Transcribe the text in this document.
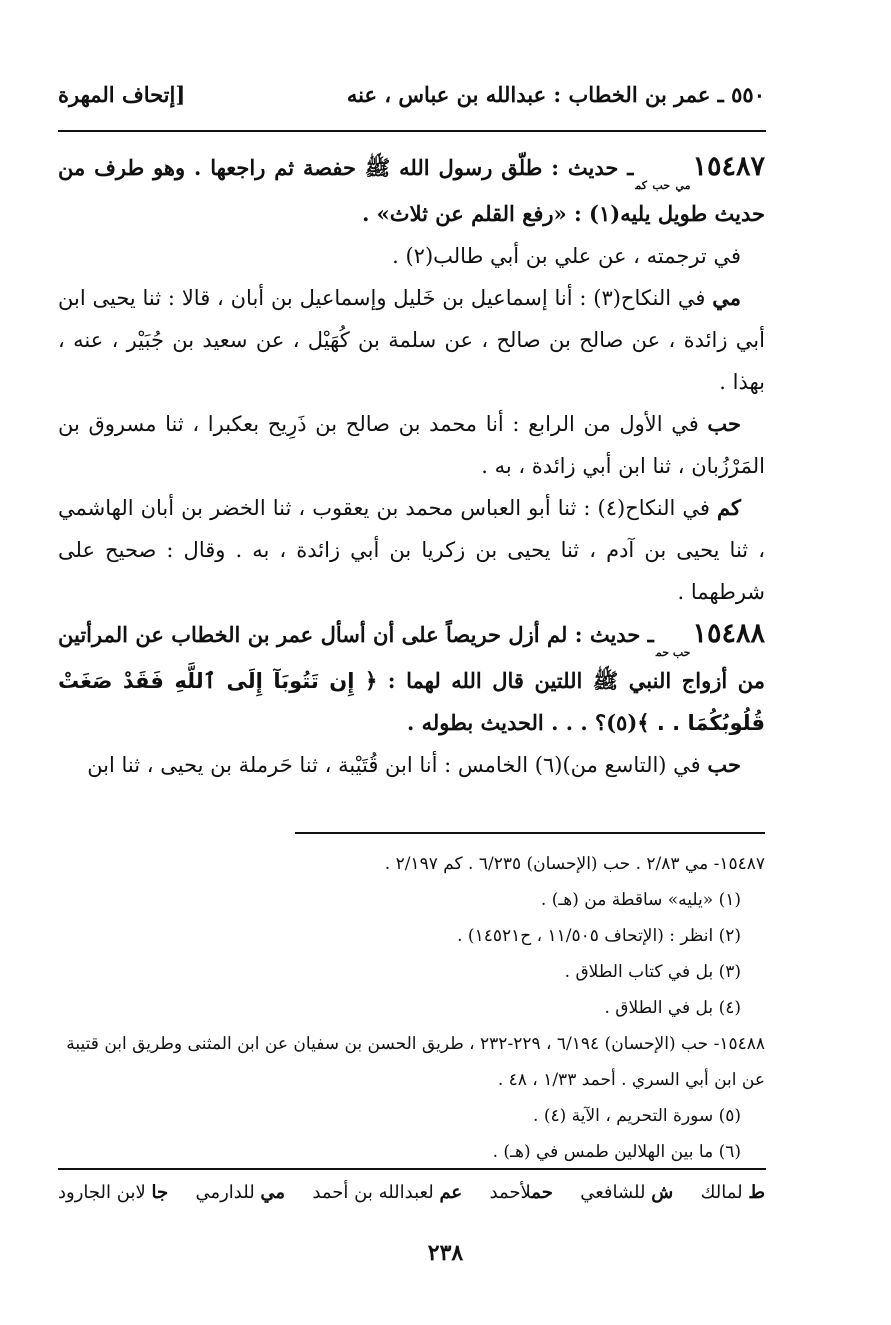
٥٥٠ ـ عمر بن الخطاب : عبدالله بن عباس ، عنه
[إتحاف المهرة

$١٥٤٨٧_{مي حب كم}ـ$ حديث : طلّق رسول الله ﷺ حفصة ثم راجعها . وهو طرف من حديث طويل يليه(١) : «رفع القلم عن ثلاث» .

في ترجمته ، عن علي بن أبي طالب(٢) .

مي في النكاح(٣) : أنا إسماعيل بن خَليل وإسماعيل بن أبان ، قالا : ثنا يحيى ابن أبي زائدة ، عن صالح بن صالح ، عن سلمة بن كُهَيْل ، عن سعيد بن جُبَيْر ، عنه ، بهذا .

حب في الأول من الرابع : أنا محمد بن صالح بن ذَرِيح بعكبرا ، ثنا مسروق بن المَرْزُبان ، ثنا ابن أبي زائدة ، به .

كم في النكاح(٤) : ثنا أبو العباس محمد بن يعقوب ، ثنا الخضر بن أبان الهاشمي ، ثنا يحيى بن آدم ، ثنا يحيى بن زكريا بن أبي زائدة ، به . وقال : صحيح على شرطهما .

$١٥٤٨٨_{حب حم}ـ$ حديث : لم أزل حريصاً على أن أسأل عمر بن الخطاب عن المرأتين من أزواج النبي ﷺ اللتين قال الله لهما : ﴿ إِن تَتُوبَآ إِلَى ٱللَّهِ فَقَدْ صَغَتْ قُلُوبُكُمَا . . ﴾(٥)؟ . . . الحديث بطوله .

حب في (التاسع من)(٦) الخامس : أنا ابن قُتَيْبة ، ثنا حَرملة بن يحيى ، ثنا ابن

١٥٤٨٧- مي ٢/٨٣ . حب (الإحسان) ٦/٢٣٥ . كم ٢/١٩٧ .

(١) «يليه» ساقطة من (هـ) .

(٢) انظر : (الإتحاف ١١/٥٠٥ ، ح١٤٥٢١) .

(٣) بل في كتاب الطلاق .

(٤) بل في الطلاق .

١٥٤٨٨- حب (الإحسان) ٦/١٩٤ ، ٢٢٩-٢٣٢ ، طريق الحسن بن سفيان عن ابن المثنى وطريق ابن قتيبة عن ابن أبي السري . أحمد ١/٣٣ ، ٤٨ .

(٥) سورة التحريم ، الآية (٤) .

(٦) ما بين الهلالين طمس في (هـ) .

ط لمالك
ش للشافعي
حملأحمد
عم لعبدالله بن أحمد
مي للدارمي
جا لابن الجارود
٢٣٨
